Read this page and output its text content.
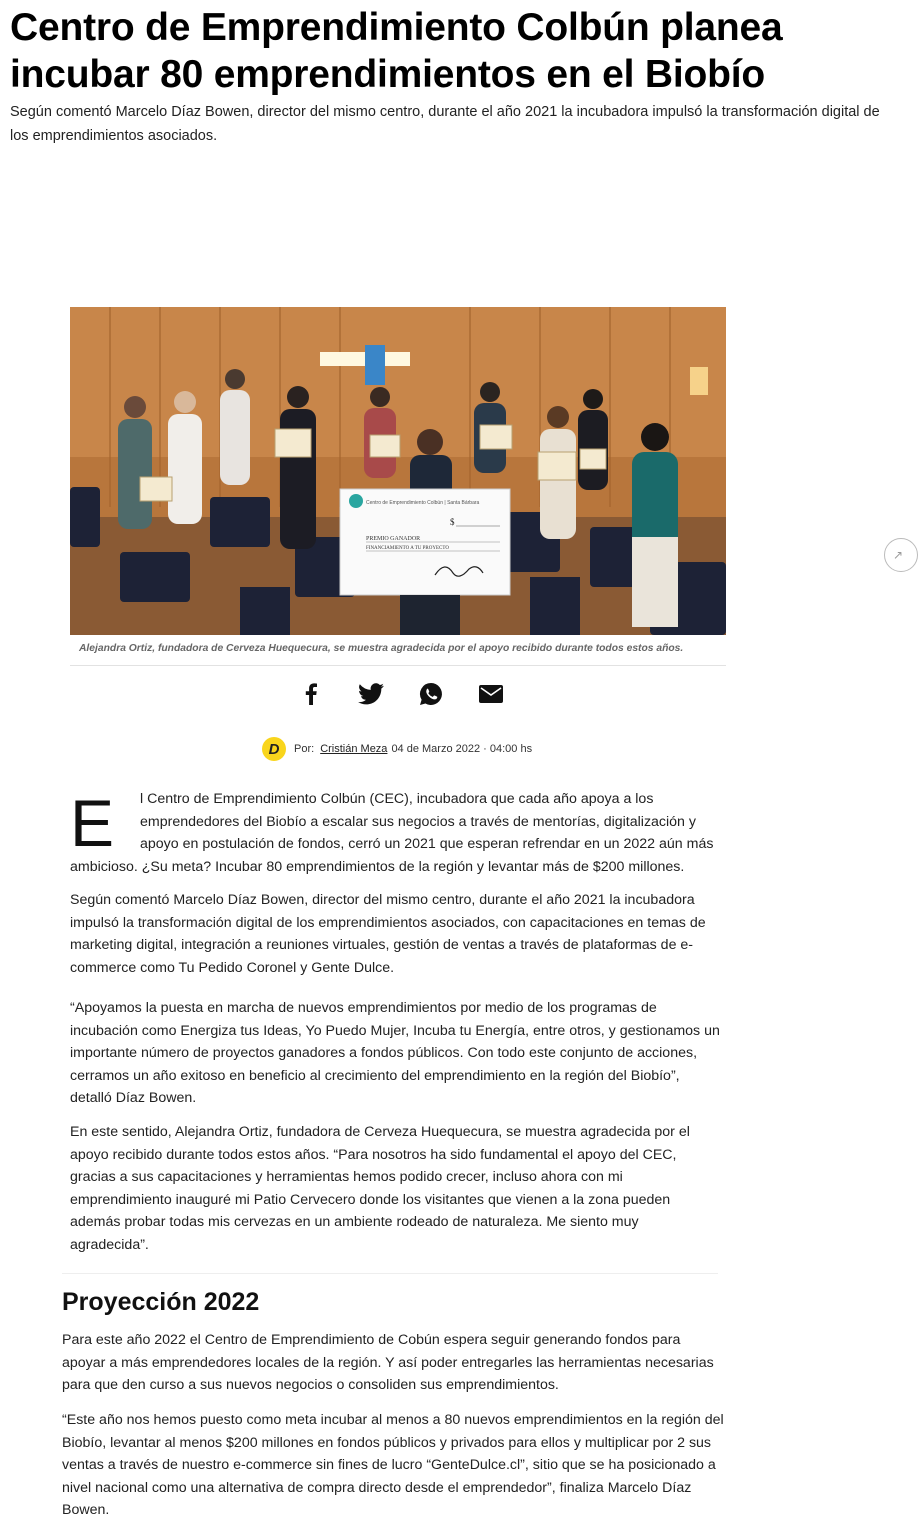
Centro de Emprendimiento Colbún planea incubar 80 emprendimientos en el Biobío

Según comentó Marcelo Díaz Bowen, director del mismo centro, durante el año 2021 la incubadora impulsó la transformación digital de los emprendimientos asociados.

Centro de Emprendimiento Colbún | Santa Bárbara
$
PREMIO GANADOR
FINANCIAMIENTO A TU PROYECTO

Alejandra Ortiz, fundadora de Cerveza Huequecura, se muestra agradecida por el apoyo recibido durante todos estos años.

↗
D	Por: Cristián Meza 04 de Marzo 2022 · 04:00 hs
E	l Centro de Emprendimiento Colbún (CEC), incubadora que cada año apoya a los
emprendedores del Biobío a escalar sus negocios a través de mentorías, digitalización y
apoyo en postulación de fondos, cerró un 2021 que esperan refrendar en un 2022 aún más
ambicioso. ¿Su meta? Incubar 80 emprendimientos de la región y levantar más de $200 millones.

Según comentó Marcelo Díaz Bowen, director del mismo centro, durante el año 2021 la incubadora impulsó la transformación digital de los emprendimientos asociados, con capacitaciones en temas de marketing digital, integración a reuniones virtuales, gestión de ventas a través de plataformas de e-commerce como Tu Pedido Coronel y Gente Dulce.

“Apoyamos la puesta en marcha de nuevos emprendimientos por medio de los programas de incubación como Energiza tus Ideas, Yo Puedo Mujer, Incuba tu Energía, entre otros, y gestionamos un importante número de proyectos ganadores a fondos públicos. Con todo este conjunto de acciones, cerramos un año exitoso en beneficio al crecimiento del emprendimiento en la región del Biobío”, detalló Díaz Bowen.

En este sentido, Alejandra Ortiz, fundadora de Cerveza Huequecura, se muestra agradecida por el apoyo recibido durante todos estos años. “Para nosotros ha sido fundamental el apoyo del CEC, gracias a sus capacitaciones y herramientas hemos podido crecer, incluso ahora con mi emprendimiento inauguré mi Patio Cervecero donde los visitantes que vienen a la zona pueden además probar todas mis cervezas en un ambiente rodeado de naturaleza. Me siento muy agradecida”.

Proyección 2022

Para este año 2022 el Centro de Emprendimiento de Cobún espera seguir generando fondos para apoyar a más emprendedores locales de la región. Y así poder entregarles las herramientas necesarias para que den curso a sus nuevos negocios o consoliden sus emprendimientos.

“Este año nos hemos puesto como meta incubar al menos a 80 nuevos emprendimientos en la región del Biobío, levantar al menos $200 millones en fondos públicos y privados para ellos y multiplicar por 2 sus ventas a través de nuestro e-commerce sin fines de lucro “GenteDulce.cl”, sitio que se ha posicionado a nivel nacional como una alternativa de compra directo desde el emprendedor”, finaliza Marcelo Díaz Bowen.
